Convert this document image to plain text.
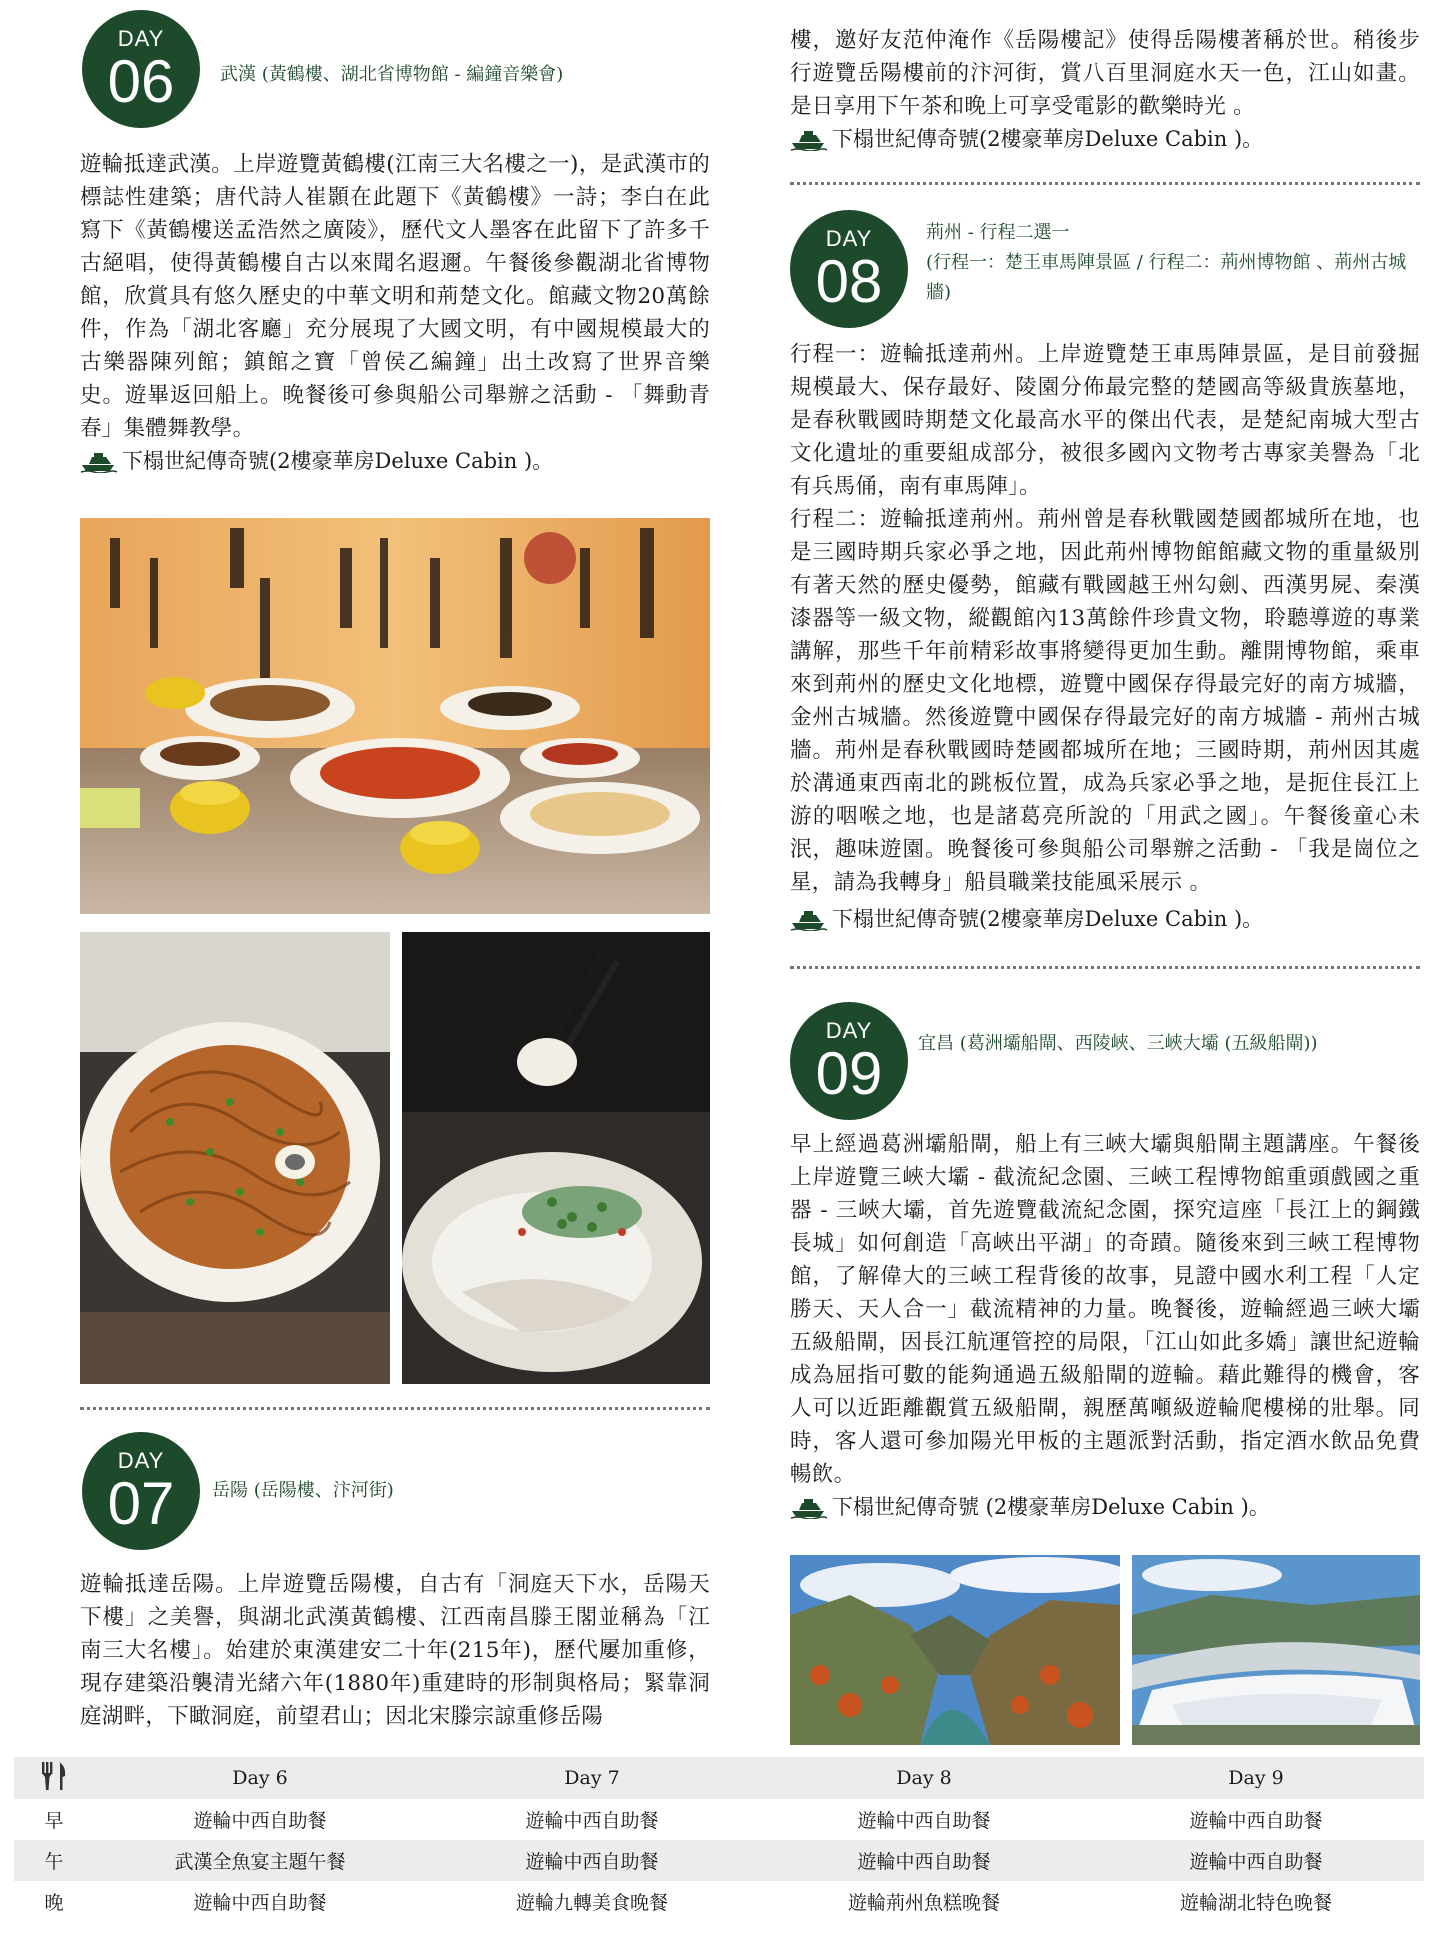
DAY
06	武漢 (黃鶴樓、湖北省博物館 - 編鐘音樂會)

遊輪抵達武漢。上岸遊覽黃鶴樓(江南三大名樓之一)，是武漢市的標誌性建築；唐代詩人崔顥在此題下《黃鶴樓》一詩；李白在此寫下《黃鶴樓送孟浩然之廣陵》，歷代文人墨客在此留下了許多千古絕唱，使得黃鶴樓自古以來聞名遐邇。午餐後參觀湖北省博物館，欣賞具有悠久歷史的中華文明和荊楚文化。館藏文物20萬餘件，作為「湖北客廳」充分展現了大國文明，有中國規模最大的古樂器陳列館；鎮館之寶「曾侯乙編鐘」出土改寫了世界音樂史。遊畢返回船上。晚餐後可參與船公司舉辦之活動 - 「舞動青春」集體舞教學。

下榻世紀傳奇號(2樓豪華房Deluxe Cabin )。
DAY
07	岳陽 (岳陽樓、汴河街)

遊輪抵達岳陽。上岸遊覽岳陽樓，自古有「洞庭天下水，岳陽天下樓」之美譽，與湖北武漢黃鶴樓、江西南昌滕王閣並稱為「江南三大名樓」。始建於東漢建安二十年(215年)，歷代屢加重修，現存建築沿襲清光緒六年(1880年)重建時的形制與格局；緊靠洞庭湖畔，下瞰洞庭，前望君山；因北宋滕宗諒重修岳陽

樓，邀好友范仲淹作《岳陽樓記》使得岳陽樓著稱於世。稍後步行遊覽岳陽樓前的汴河街，賞八百里洞庭水天一色，江山如畫。是日享用下午茶和晚上可享受電影的歡樂時光 。

下榻世紀傳奇號(2樓豪華房Deluxe Cabin )。
DAY
08
荊州 - 行程二選一
(行程一：楚王車馬陣景區 / 行程二：荊州博物館 、荊州古城牆)

行程一：遊輪抵達荊州。上岸遊覽楚王車馬陣景區，是目前發掘規模最大、保存最好、陵園分佈最完整的楚國高等級貴族墓地，是春秋戰國時期楚文化最高水平的傑出代表，是楚紀南城大型古文化遺址的重要組成部分，被很多國內文物考古專家美譽為「北有兵馬俑，南有車馬陣」。

行程二：遊輪抵達荊州。荊州曾是春秋戰國楚國都城所在地，也是三國時期兵家必爭之地，因此荊州博物館館藏文物的重量級別有著天然的歷史優勢，館藏有戰國越王州勾劍、西漢男屍、秦漢漆器等一級文物，縱觀館內13萬餘件珍貴文物，聆聽導遊的專業講解，那些千年前精彩故事將變得更加生動。離開博物館，乘車來到荊州的歷史文化地標，遊覽中國保存得最完好的南方城牆，金州古城牆。然後遊覽中國保存得最完好的南方城牆 - 荊州古城牆。荊州是春秋戰國時楚國都城所在地；三國時期，荊州因其處於溝通東西南北的跳板位置，成為兵家必爭之地，是扼住長江上游的咽喉之地，也是諸葛亮所說的「用武之國」。午餐後童心未泯，趣味遊園。晚餐後可參與船公司舉辦之活動 - 「我是崗位之星，請為我轉身」船員職業技能風采展示 。

下榻世紀傳奇號(2樓豪華房Deluxe Cabin )。
DAY
09	宜昌 (葛洲壩船閘、西陵峽、三峽大壩 (五級船閘))

早上經過葛洲壩船閘，船上有三峽大壩與船閘主題講座。午餐後上岸遊覽三峽大壩 - 截流紀念園、三峽工程博物館重頭戲國之重器 - 三峽大壩，首先遊覽截流紀念園，探究這座「長江上的鋼鐵長城」如何創造「高峽出平湖」的奇蹟。隨後來到三峽工程博物館，了解偉大的三峽工程背後的故事，見證中國水利工程「人定勝天、天人合一」截流精神的力量。晚餐後，遊輪經過三峽大壩五級船閘，因長江航運管控的局限，「江山如此多嬌」讓世紀遊輪成為屈指可數的能夠通過五級船閘的遊輪。藉此難得的機會，客人可以近距離觀賞五級船閘，親歷萬噸級遊輪爬樓梯的壯舉。同時，客人還可參加陽光甲板的主題派對活動，指定酒水飲品免費暢飲。

下榻世紀傳奇號 (2樓豪華房Deluxe Cabin )。
Day 6	Day 7	Day 8	Day 9
早	遊輪中西自助餐	遊輪中西自助餐	遊輪中西自助餐	遊輪中西自助餐
午	武漢全魚宴主題午餐	遊輪中西自助餐	遊輪中西自助餐	遊輪中西自助餐
晚	遊輪中西自助餐	遊輪九轉美食晚餐	遊輪荊州魚糕晚餐	遊輪湖北特色晚餐
